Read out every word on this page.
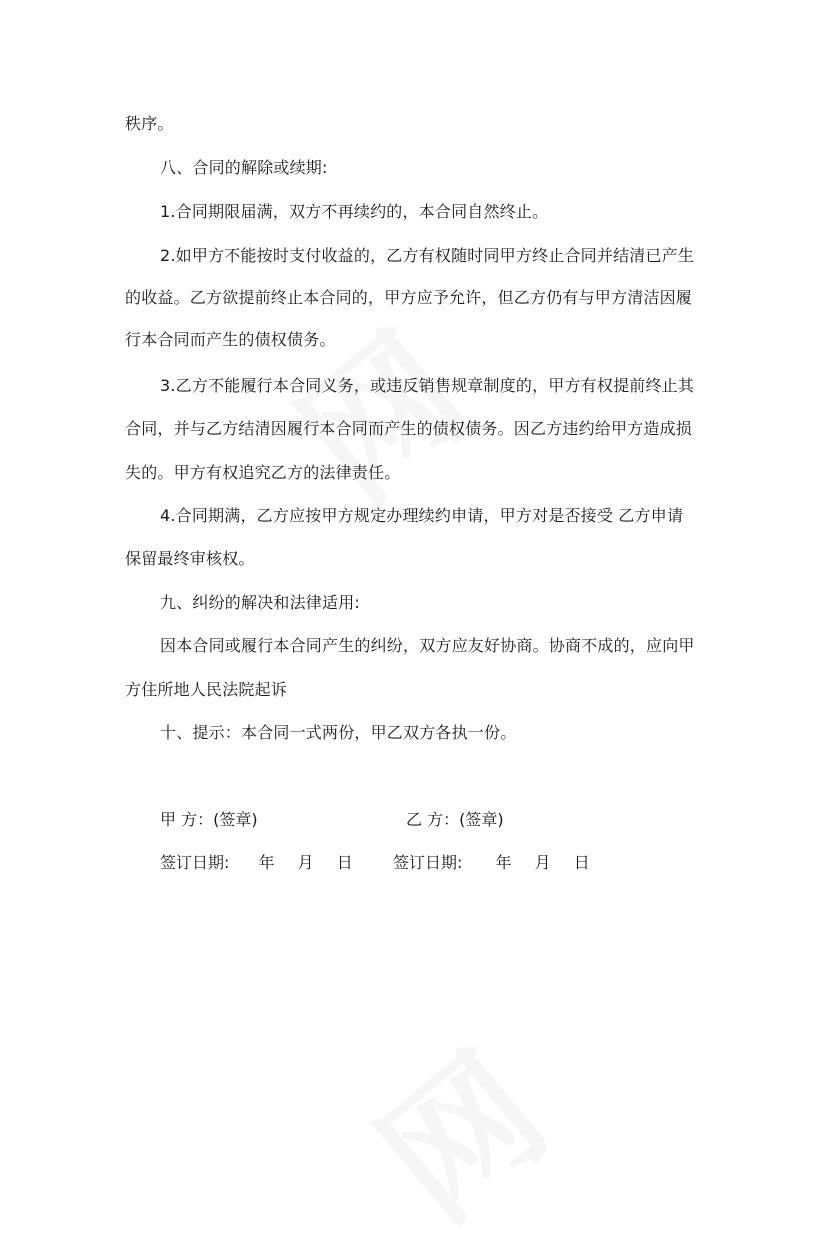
秩序。
八、合同的解除或续期:
1.合同期限届满，双方不再续约的，本合同自然终止。
2.如甲方不能按时支付收益的，乙方有权随时同甲方终止合同并结清已产生
的收益。乙方欲提前终止本合同的，甲方应予允许，但乙方仍有与甲方清洁因履
行本合同而产生的债权债务。
3.乙方不能履行本合同义务，或违反销售规章制度的，甲方有权提前终止其
合同，并与乙方结清因履行本合同而产生的债权债务。因乙方违约给甲方造成损
失的。甲方有权追究乙方的法律责任。
4.合同期满，乙方应按甲方规定办理续约申请，甲方对是否接受 乙方申请
保留最终审核权。
九、纠纷的解决和法律适用:
因本合同或履行本合同产生的纠纷，双方应友好协商。协商不成的，应向甲
方住所地人民法院起诉
十、提示：本合同一式两份，甲乙双方各执一份。
甲 方：(签章)	乙 方：(签章)
签订日期: 年 月 日	签订日期: 年 月 日
